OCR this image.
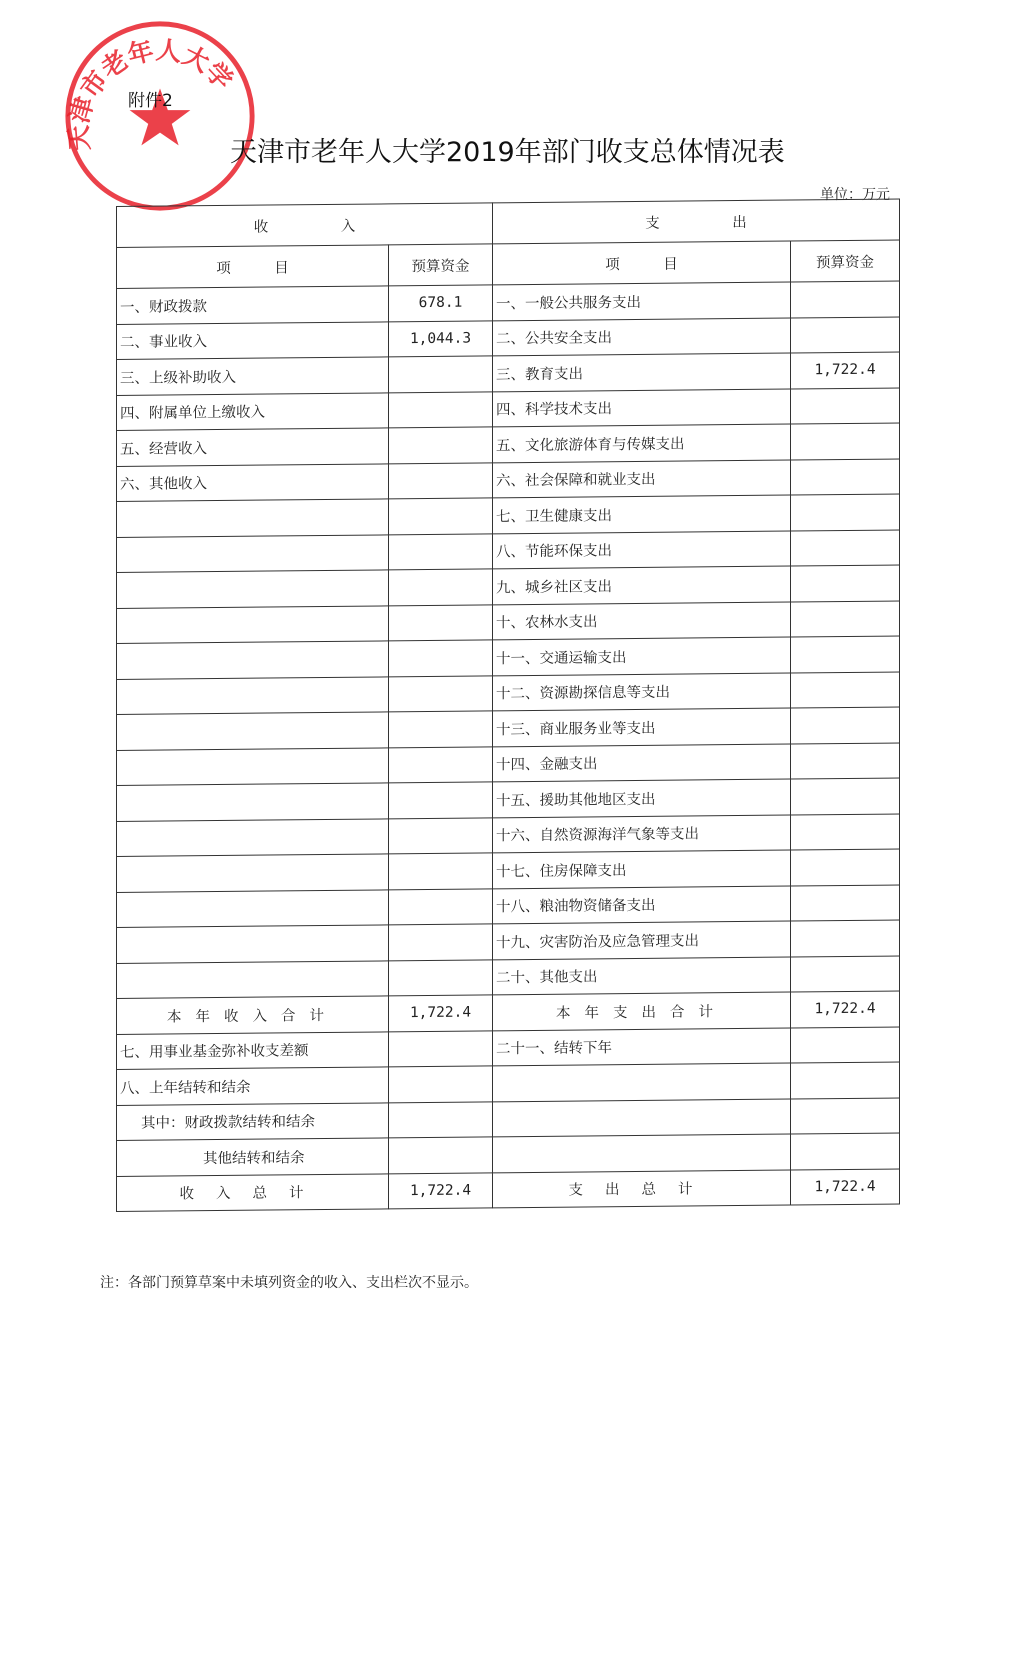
天津市老年人大学
附件2
天津市老年人大学2019年部门收支总体情况表
单位：万元
收　　　　　入		支　　　　　出	
项　　　目	预算资金	项　　　目	预算资金
一、财政拨款	678.1	一、一般公共服务支出	
二、事业收入	1,044.3	二、公共安全支出	
三、上级补助收入		三、教育支出	1,722.4
四、附属单位上缴收入		四、科学技术支出	
五、经营收入		五、文化旅游体育与传媒支出	
六、其他收入		六、社会保障和就业支出	
		七、卫生健康支出	
		八、节能环保支出	
		九、城乡社区支出	
		十、农林水支出	
		十一、交通运输支出	
		十二、资源勘探信息等支出	
		十三、商业服务业等支出	
		十四、金融支出	
		十五、援助其他地区支出	
		十六、自然资源海洋气象等支出	
		十七、住房保障支出	
		十八、粮油物资储备支出	
		十九、灾害防治及应急管理支出	
		二十、其他支出	
本年收入合计	1,722.4	本年支出合计	1,722.4
七、用事业基金弥补收支差额		二十一、结转下年	
八、上年结转和结余			
其中：财政拨款结转和结余			
其他结转和结余			
收入总计	1,722.4	支出总计	1,722.4
注：各部门预算草案中未填列资金的收入、支出栏次不显示。
